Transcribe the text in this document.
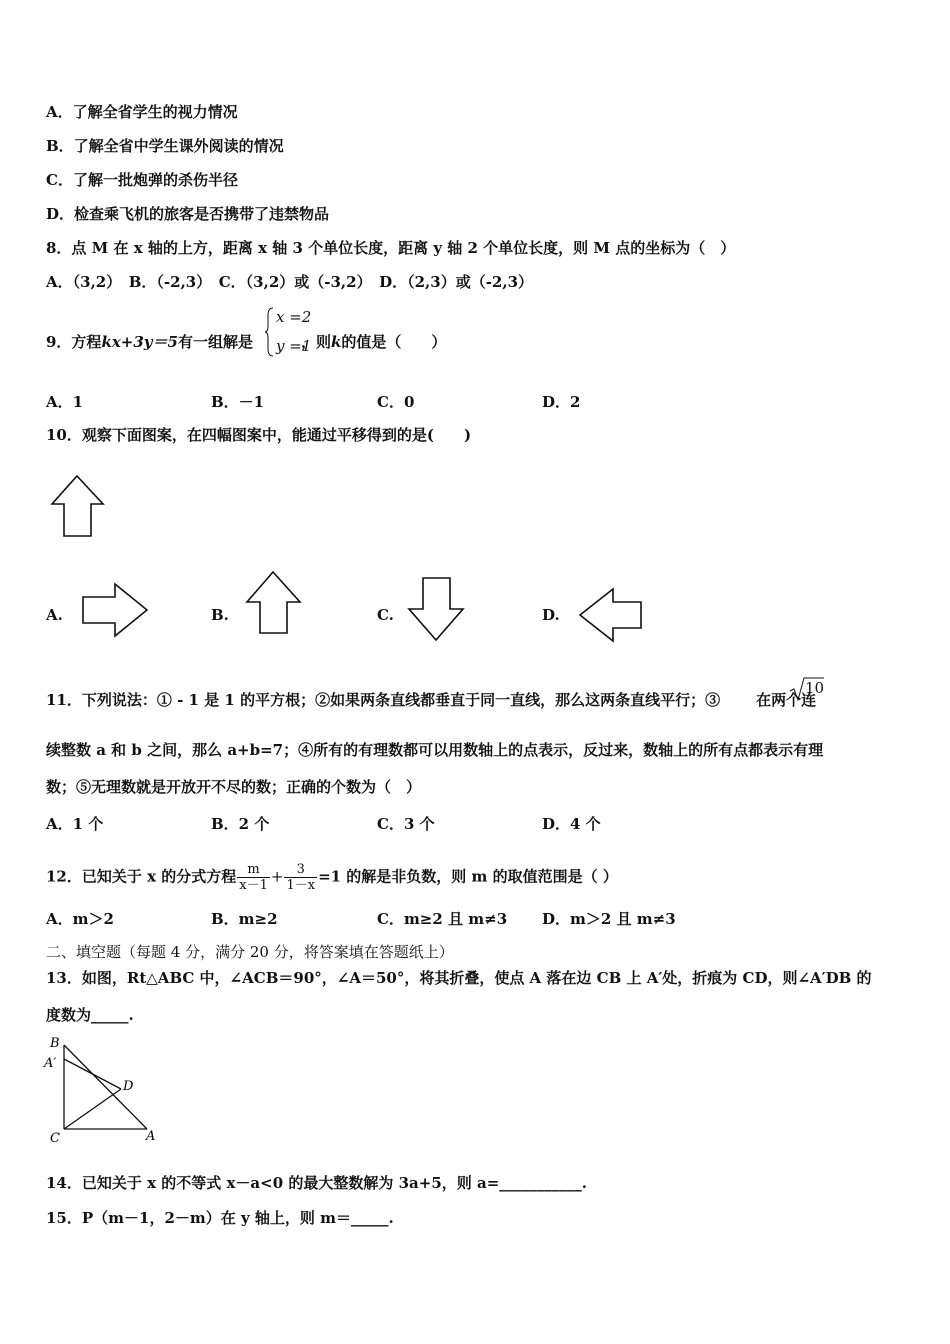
A．了解全省学生的视力情况
B．了解全省中学生课外阅读的情况
C．了解一批炮弹的杀伤半径
D．检查乘飞机的旅客是否携带了违禁物品
8．点 M 在 x 轴的上方，距离 x 轴 3 个单位长度，距离 y 轴 2 个单位长度，则 M 点的坐标为（　）
A．（3,2）　B．（-2,3）　C．（3,2）或（-3,2）　D．（2,3）或（-2,3）
9．方程kx+3y＝5有一组解是	，则k的值是（　　）
x =2
y =1
A．1	B．－1	C．0	D．2
10．观察下面图案，在四幅图案中，能通过平移得到的是(　　)
A.	B.	C.	D.
11．下列说法：① - 1 是 1 的平方根；②如果两条直线都垂直于同一直线，那么这两条直线平行；③ 在两个连
10
续整数 a 和 b 之间，那么 a+b=7；④所有的有理数都可以用数轴上的点表示，反过来，数轴上的所有点都表示有理
数；⑤无理数就是开放开不尽的数；正确的个数为（　）
A．1 个	B．2 个	C．3 个	D．4 个
12．已知关于 x 的分式方程 $\frac{m}{x-1} + \frac{3}{1-x} =1$ 的解是非负数，则 m 的取值范围是（ ）
A．m＞2	B．m≥2	C．m≥2 且 m≠3 D．m＞2 且 m≠3
二、填空题（每题 4 分，满分 20 分，将答案填在答题纸上）
13．如图，Rt△ABC 中，∠ACB＝90°，∠A＝50°，将其折叠，使点 A 落在边 CB 上 A′处，折痕为 CD，则∠A′DB 的
度数为_____.
B
A′
D
C	A
14．已知关于 x 的不等式 x－a<0 的最大整数解为 3a+5，则 a=___________.
15．P（m－1，2－m）在 y 轴上，则 m＝_____.
